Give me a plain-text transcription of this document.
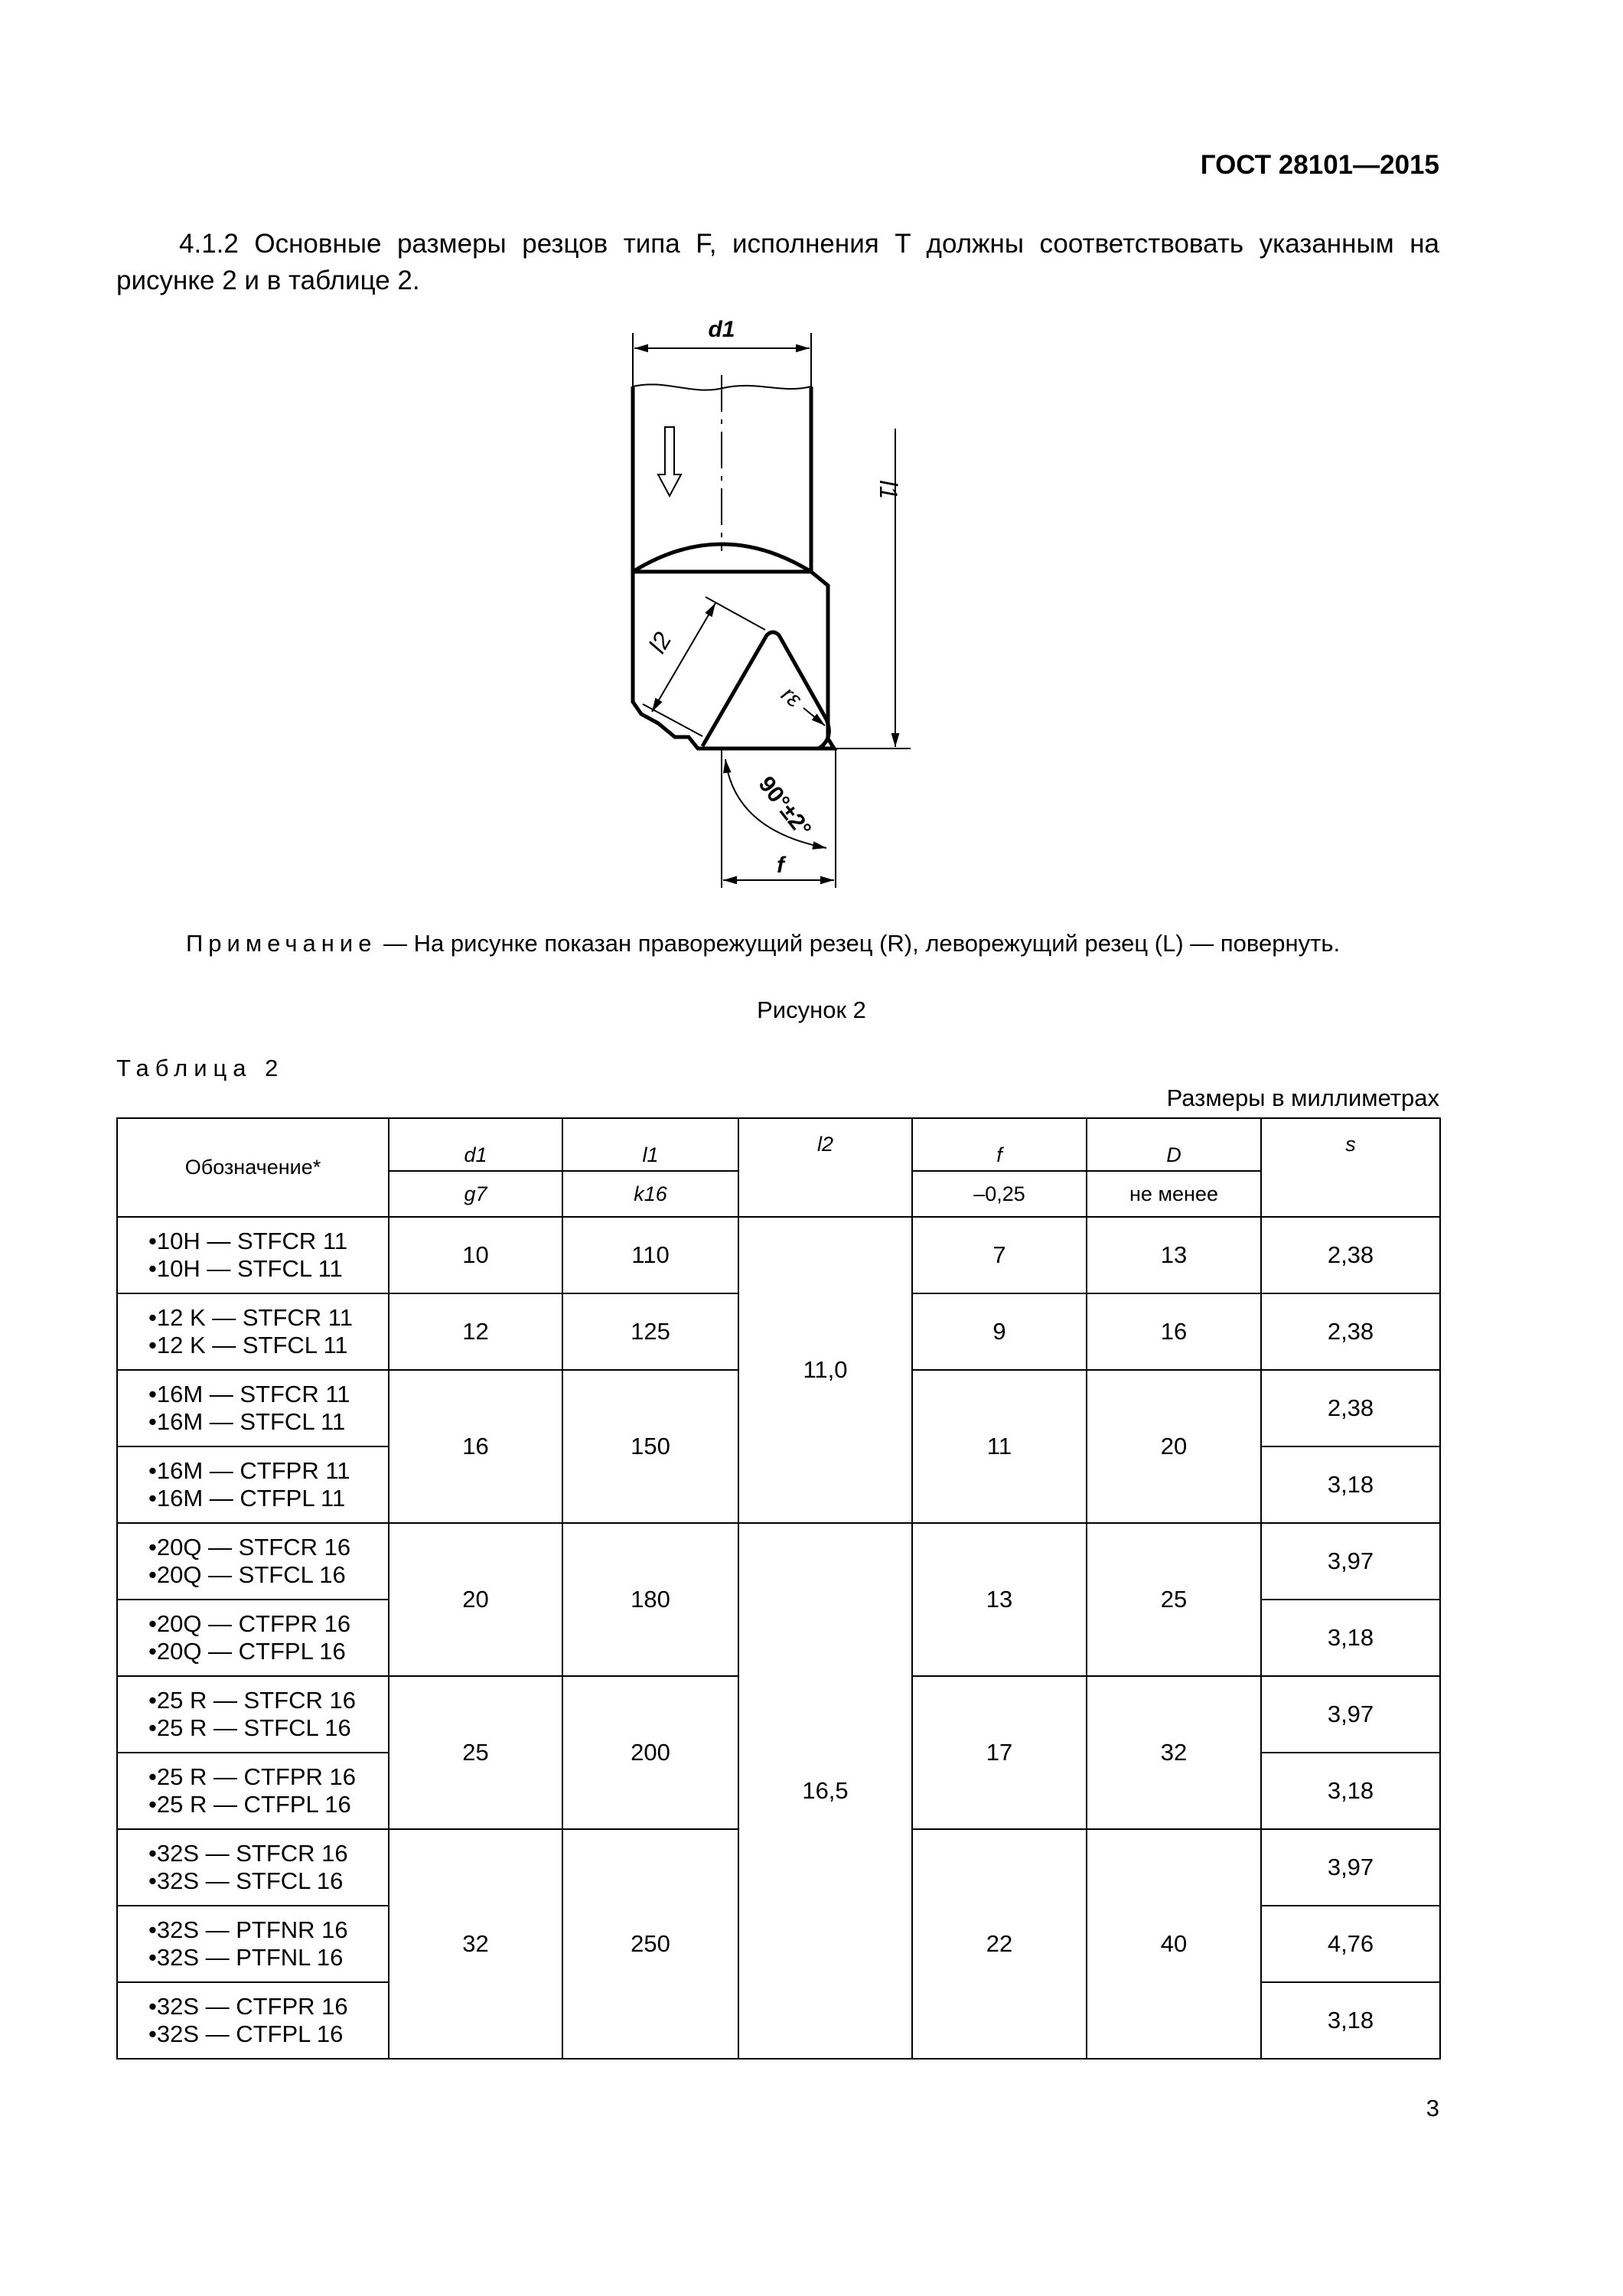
ГОСТ 28101—2015
4.1.2 Основные размеры резцов типа F, исполнения T должны соответствовать указанным на рисунке 2 и в таблице 2.
d1
l1
l2
rε
90°±2°
f
Примечание — На рисунке показан праворежущий резец (R), леворежущий резец (L) — повернуть.
Рисунок 2
Таблица 2
Размеры в миллиметрах
Обозначение*	d1	l1	l2	f	D	s
	g7	k16		–0,25	не менее	

•10H — STFCR 11
•10H — STFCL 11	10	110	11,0	7	13	2,38

•12 K — STFCR 11
•12 K — STFCL 11	12	125		9	16	2,38

•16M — STFCR 11
•16M — STFCL 11	16	150		11	20	2,38

•16M — CTFPR 11
•16M — CTFPL 11						3,18

•20Q — STFCR 16
•20Q — STFCL 16	20	180	16,5	13	25	3,97

•20Q — CTFPR 16
•20Q — CTFPL 16						3,18

•25 R — STFCR 16
•25 R — STFCL 16	25	200		17	32	3,97

•25 R — CTFPR 16
•25 R — CTFPL 16						3,18

•32S — STFCR 16
•32S — STFCL 16	32	250		22	40	3,97

•32S — PTFNR 16
•32S — PTFNL 16						4,76

•32S — CTFPR 16
•32S — CTFPL 16						3,18
3
